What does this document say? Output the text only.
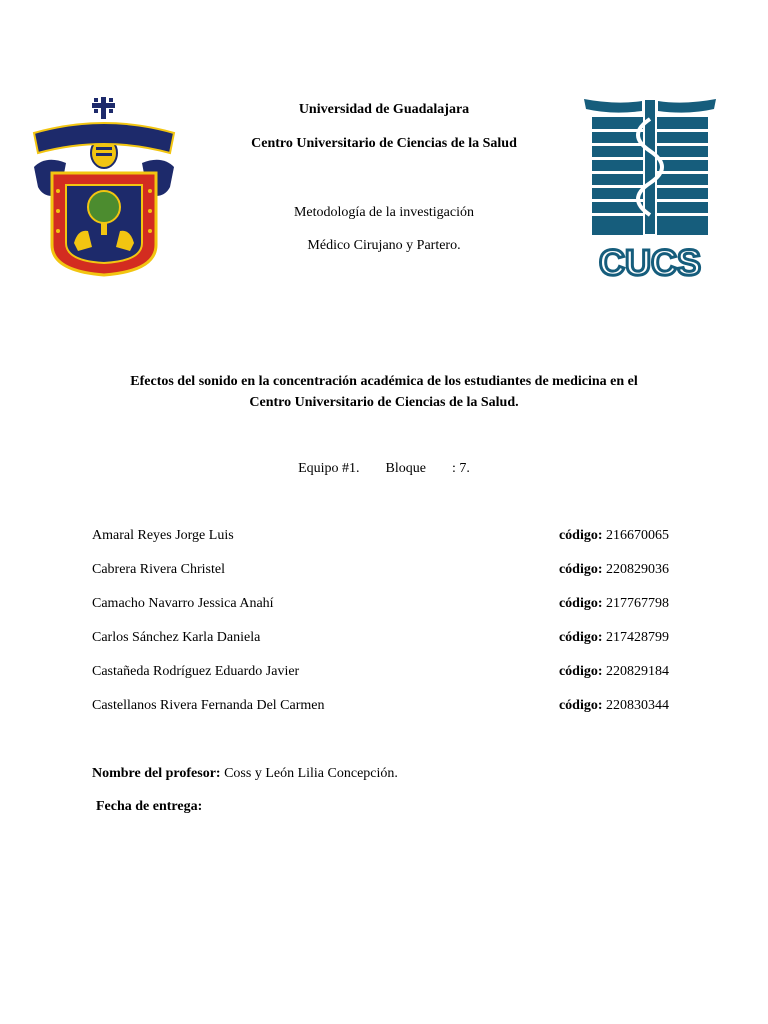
CUCS
Universidad de Guadalajara
Centro Universitario de Ciencias de la Salud
Metodología de la investigación
Médico Cirujano y Partero.
Efectos del sonido en la concentración académica de los estudiantes de medicina en el
Centro Universitario de Ciencias de la Salud.
Equipo #1. Bloque : 7.
Amaral Reyes Jorge Luis	código: 216670065
Cabrera Rivera Christel	código: 220829036
Camacho Navarro Jessica Anahí	código: 217767798
Carlos Sánchez Karla Daniela	código: 217428799
Castañeda Rodríguez Eduardo Javier	código: 220829184
Castellanos Rivera Fernanda Del Carmen	código: 220830344
Nombre del profesor: Coss y León Lilia Concepción.
Fecha de entrega:
